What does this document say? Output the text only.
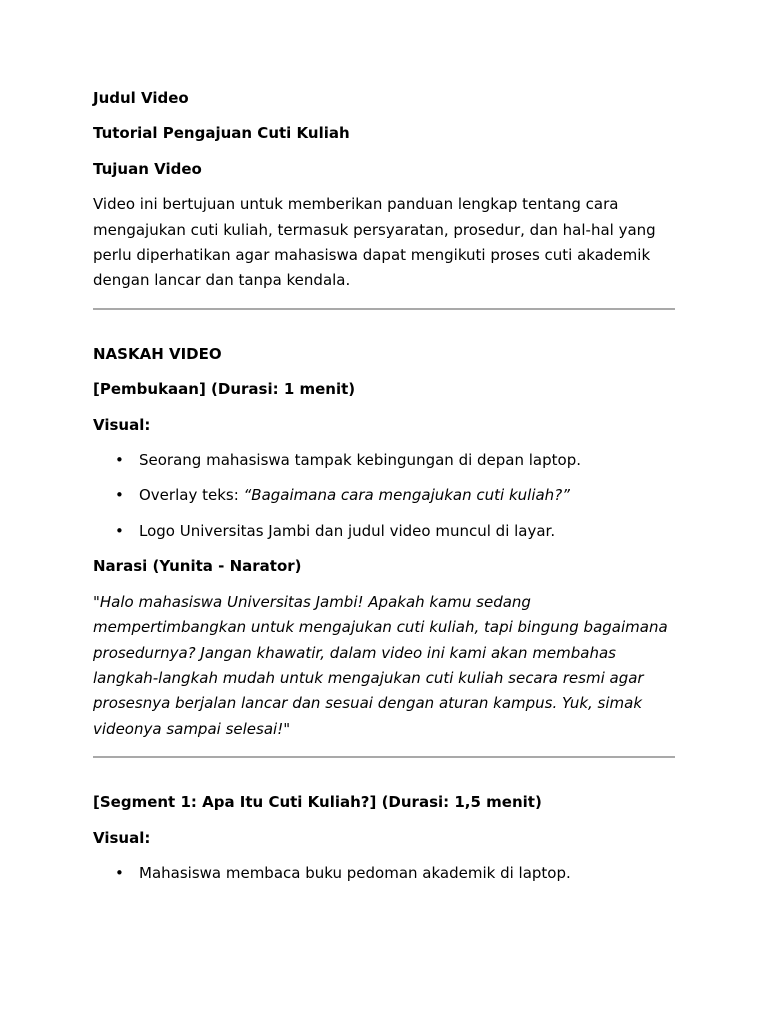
Judul Video

Tutorial Pengajuan Cuti Kuliah

Tujuan Video

Video ini bertujuan untuk memberikan panduan lengkap tentang cara mengajukan cuti kuliah, termasuk persyaratan, prosedur, dan hal-hal yang perlu diperhatikan agar mahasiswa dapat mengikuti proses cuti akademik dengan lancar dan tanpa kendala.

NASKAH VIDEO

[Pembukaan] (Durasi: 1 menit)

Visual:

• Seorang mahasiswa tampak kebingungan di depan laptop.
• Overlay teks: “Bagaimana cara mengajukan cuti kuliah?”
• Logo Universitas Jambi dan judul video muncul di layar.

Narasi (Yunita - Narator)

"Halo mahasiswa Universitas Jambi! Apakah kamu sedang mempertimbangkan untuk mengajukan cuti kuliah, tapi bingung bagaimana prosedurnya? Jangan khawatir, dalam video ini kami akan membahas langkah-langkah mudah untuk mengajukan cuti kuliah secara resmi agar prosesnya berjalan lancar dan sesuai dengan aturan kampus. Yuk, simak videonya sampai selesai!"

[Segment 1: Apa Itu Cuti Kuliah?] (Durasi: 1,5 menit)

Visual:

• Mahasiswa membaca buku pedoman akademik di laptop.
